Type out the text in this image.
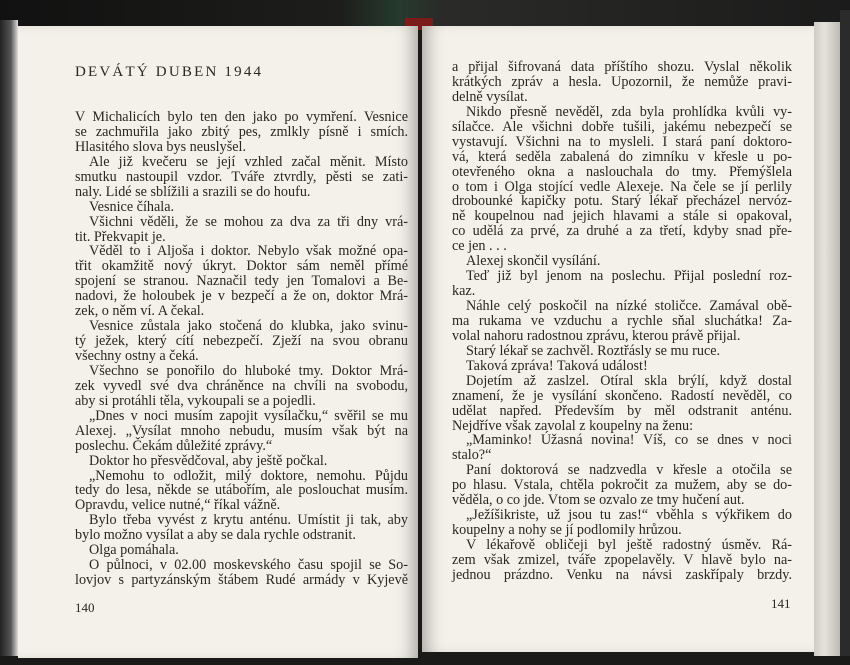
DEVÁTÝ DUBEN 1944
V Michalicích bylo ten den jako po vymření. Vesnice
se zachmuřila jako zbitý pes, zmlkly písně i smích.
Hlasitého slova bys neuslyšel.
Ale již kvečeru se její vzhled začal měnit. Místo
smutku nastoupil vzdor. Tváře ztvrdly, pěsti se zati-
naly. Lidé se sblížili a srazili se do houfu.
Vesnice číhala.
Všichni věděli, že se mohou za dva za tři dny vrá-
tit. Překvapit je.
Věděl to i Aljoša i doktor. Nebylo však možné opa-
třit okamžitě nový úkryt. Doktor sám neměl přímé
spojení se stranou. Naznačil tedy jen Tomalovi a Be-
nadovi, že holoubek je v bezpečí a že on, doktor Mrá-
zek, o něm ví. A čekal.
Vesnice zůstala jako stočená do klubka, jako svinu-
tý ježek, který cítí nebezpečí. Zježí na svou obranu
všechny ostny a čeká.
Všechno se ponořilo do hluboké tmy. Doktor Mrá-
zek vyvedl své dva chráněnce na chvíli na svobodu,
aby si protáhli těla, vykoupali se a pojedli.
„Dnes v noci musím zapojit vysílačku,“ svěřil se mu
Alexej. „Vysílat mnoho nebudu, musím však být na
poslechu. Čekám důležité zprávy.“
Doktor ho přesvědčoval, aby ještě počkal.
„Nemohu to odložit, milý doktore, nemohu. Půjdu
tedy do lesa, někde se utábořím, ale poslouchat musím.
Opravdu, velice nutné,“ říkal vážně.
Bylo třeba vyvést z krytu anténu. Umístit ji tak, aby
bylo možno vysílat a aby se dala rychle odstranit.
Olga pomáhala.
O půlnoci, v 02.00 moskevského času spojil se So-
lovjov s partyzánským štábem Rudé armády v Kyjevě
140
a přijal šifrovaná data příštího shozu. Vyslal několik
krátkých zpráv a hesla. Upozornil, že nemůže pravi-
delně vysílat.
Nikdo přesně nevěděl, zda byla prohlídka kvůli vy-
sílačce. Ale všichni dobře tušili, jakému nebezpečí se
vystavují. Všichni na to mysleli. I stará paní doktoro-
vá, která seděla zabalená do zimníku v křesle u po-
otevřeného okna a naslouchala do tmy. Přemýšlela
o tom i Olga stojící vedle Alexeje. Na čele se jí perlily
drobounké kapičky potu. Starý lékař přecházel nervóz-
ně koupelnou nad jejich hlavami a stále si opakoval,
co udělá za prvé, za druhé a za třetí, kdyby snad pře-
ce jen . . .
Alexej skončil vysílání.
Teď již byl jenom na poslechu. Přijal poslední roz-
kaz.
Náhle celý poskočil na nízké stoličce. Zamával obě-
ma rukama ve vzduchu a rychle sňal sluchátka! Za-
volal nahoru radostnou zprávu, kterou právě přijal.
Starý lékař se zachvěl. Roztřásly se mu ruce.
Taková zpráva! Taková událost!
Dojetím až zaslzel. Otíral skla brýlí, když dostal
znamení, že je vysílání skončeno. Radostí nevěděl, co
udělat napřed. Především by měl odstranit anténu.
Nejdříve však zavolal z koupelny na ženu:
„Maminko! Úžasná novina! Víš, co se dnes v noci
stalo?“
Paní doktorová se nadzvedla v křesle a otočila se
po hlasu. Vstala, chtěla pokročit za mužem, aby se do-
věděla, o co jde. Vtom se ozvalo ze tmy hučení aut.
„Ježíšikriste, už jsou tu zas!“ vběhla s výkřikem do
koupelny a nohy se jí podlomily hrůzou.
V lékařově obličeji byl ještě radostný úsměv. Rá-
zem však zmizel, tváře zpopelavěly. V hlavě bylo na-
jednou prázdno. Venku na návsi zaskřípaly brzdy.
141
